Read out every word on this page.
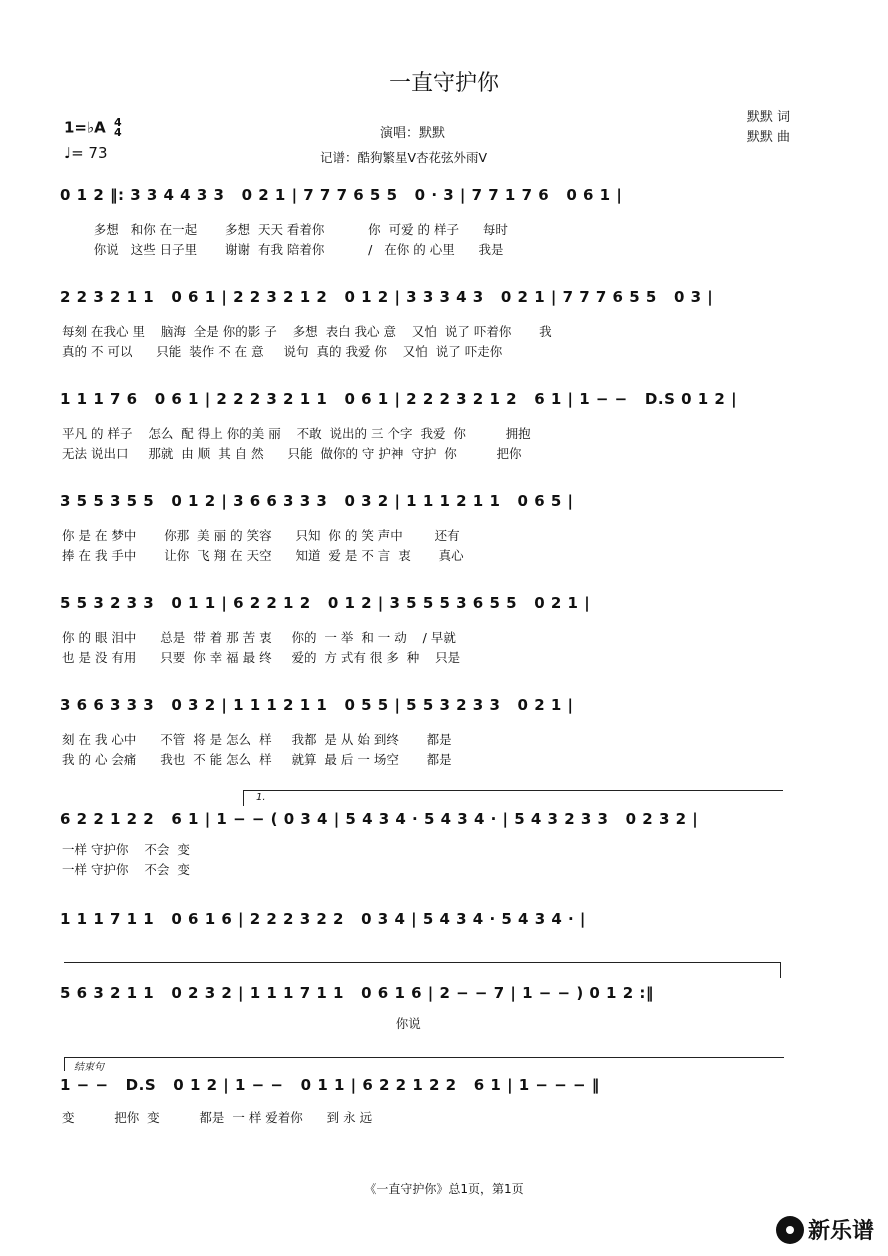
一直守护你
1=♭A 4
4
♩= 73
演唱：默默
记谱：酷狗繁星V杏花弦外雨V
默默 词
默默 曲
0 1 2 ‖: 3 3 4 4 3 3   0 2 1 | 7 7 7 6 5 5   0 · 3 | 7 7 1 7 6   0 6 1 |
多想   和你 在一起       多想  天天 看着你           你  可爱 的 样子      每时
你说   这些 日子里       谢谢  有我 陪着你           /   在你 的 心里      我是
2 2 3 2 1 1   0 6 1 | 2 2 3 2 1 2   0 1 2 | 3 3 3 4 3   0 2 1 | 7 7 7 6 5 5   0 3 |
每刻 在我心 里    脑海  全是 你的影 子    多想  表白 我心 意    又怕  说了 吓着你       我
真的 不 可以      只能  装作 不 在 意     说句  真的 我爱 你    又怕  说了 吓走你
1 1 1 7 6   0 6 1 | 2 2 2 3 2 1 1   0 6 1 | 2 2 2 3 2 1 2   6 1 | 1 − −   D.S 0 1 2 |
平凡 的 样子    怎么  配 得上 你的美 丽    不敢  说出的 三 个字  我爱  你          拥抱
无法 说出口     那就  由 顺  其 自 然      只能  做你的 守 护神  守护  你          把你
3 5 5 3 5 5   0 1 2 | 3 6 6 3 3 3   0 3 2 | 1 1 1 2 1 1   0 6 5 |
你 是 在 梦中       你那  美 丽 的 笑容      只知  你 的 笑 声中        还有
捧 在 我 手中       让你  飞 翔 在 天空      知道  爱 是 不 言  衷       真心
5 5 3 2 3 3   0 1 1 | 6 2 2 1 2   0 1 2 | 3 5 5 5 3 6 5 5   0 2 1 |
你 的 眼 泪中      总是  带 着 那 苦 衷     你的  一 举  和 一 动    / 早就
也 是 没 有用      只要  你 幸 福 最 终     爱的  方 式有 很 多  种    只是
3 6 6 3 3 3   0 3 2 | 1 1 1 2 1 1   0 5 5 | 5 5 3 2 3 3   0 2 1 |
刻 在 我 心中      不管  将 是 怎么  样     我都  是 从 始 到终       都是
我 的 心 会痛      我也  不 能 怎么  样     就算  最 后 一 场空       都是
1.
6 2 2 1 2 2   6 1 | 1 − − ( 0 3 4 | 5 4 3 4 · 5 4 3 4 · | 5 4 3 2 3 3   0 2 3 2 |
一样 守护你    不会  变
一样 守护你    不会  变
1 1 1 7 1 1   0 6 1 6 | 2 2 2 3 2 2   0 3 4 | 5 4 3 4 · 5 4 3 4 · |
5 6 3 2 1 1   0 2 3 2 | 1 1 1 7 1 1   0 6 1 6 | 2 − − 7 | 1 − − ) 0 1 2 :‖
你说
结束句
1 − −   D.S   0 1 2 | 1 − −   0 1 1 | 6 2 2 1 2 2   6 1 | 1 − − − ‖
变          把你  变          都是  一 样 爱着你      到 永 远
《一直守护你》总1页，第1页
新乐谱
